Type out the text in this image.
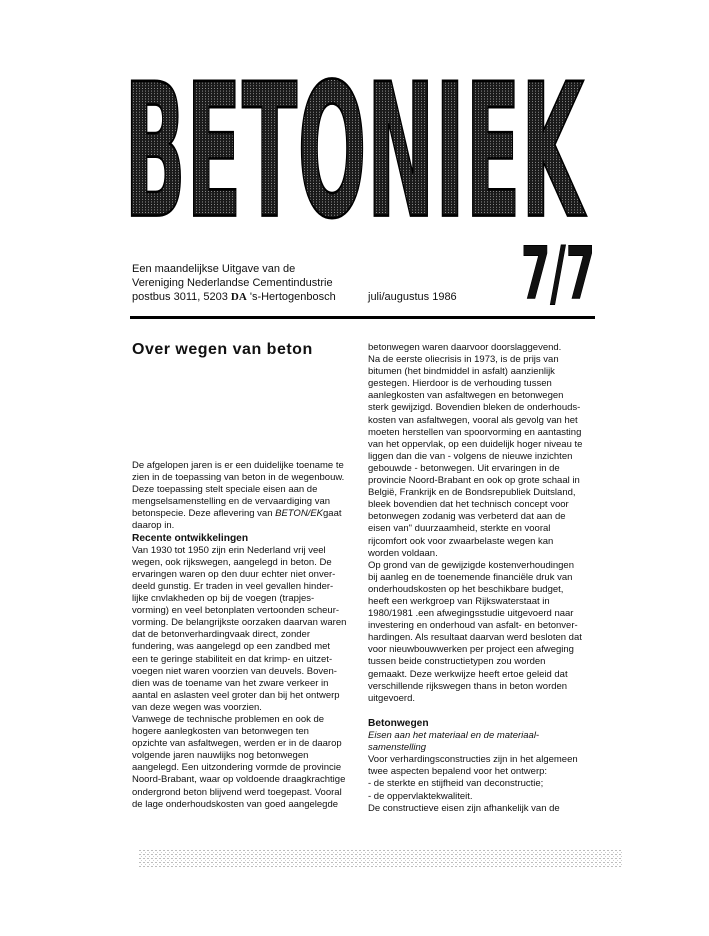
BETONIEK
7/7
Een maandelijkse Uitgave van de
Vereniging Nederlandse Cementindustrie
postbus 3011, 5203 DA 's-Hertogenbosch	juli/augustus 1986
Over wegen van beton
De afgelopen jaren is er een duidelijke toename te
zien in de toepassing van beton in de wegenbouw.
Deze toepassing stelt speciale eisen aan de
mengselsamenstelling en de vervaardiging van
betonspecie. Deze aflevering van BETON/EKgaat
daarop in.
Recente ontwikkelingen
Van 1930 tot 1950 zijn erin Nederland vrij veel
wegen, ook rijkswegen, aangelegd in beton. De
ervaringen waren op den duur echter niet onver-
deeld gunstig. Er traden in veel gevallen hinder-
lijke cnvlakheden op bij de voegen (trapjes-
vorming) en veel betonplaten vertoonden scheur-
vorming. De belangrijkste oorzaken daarvan waren
dat de betonverhardingvaak direct, zonder
fundering, was aangelegd op een zandbed met
een te geringe stabiliteit en dat krimp- en uitzet-
voegen niet waren voorzien van deuvels. Boven-
dien was de toename van het zware verkeer in
aantal en aslasten veel groter dan bij het ontwerp
van deze wegen was voorzien.
Vanwege de technische problemen en ook de
hogere aanlegkosten van betonwegen ten
opzichte van asfaltwegen, werden er in de daarop
volgende jaren nauwlijks nog betonwegen
aangelegd. Een uitzondering vormde de provincie
Noord-Brabant, waar op voldoende draagkrachtige
ondergrond beton blijvend werd toegepast. Vooral
de lage onderhoudskosten van goed aangelegde
betonwegen waren daarvoor doorslaggevend.
Na de eerste oliecrisis in 1973, is de prijs van
bitumen (het bindmiddel in asfalt) aanzienlijk
gestegen. Hierdoor is de verhouding tussen
aanlegkosten van asfaltwegen en betonwegen
sterk gewijzigd. Bovendien bleken de onderhouds-
kosten van asfaltwegen, vooral als gevolg van het
moeten herstellen van spoorvorming en aantasting
van het oppervlak, op een duidelijk hoger niveau te
liggen dan die van - volgens de nieuwe inzichten
gebouwde - betonwegen. Uit ervaringen in de
provincie Noord-Brabant en ook op grote schaal in
België, Frankrijk en de Bondsrepubliek Duitsland,
bleek bovendien dat het technisch concept voor
betonwegen zodanig was verbeterd dat aan de
eisen van" duurzaamheid, sterkte en vooral
rijcomfort ook voor zwaarbelaste wegen kan
worden voldaan.
Op grond van de gewijzigde kostenverhoudingen
bij aanleg en de toenemende financiële druk van
onderhoudskosten op het beschikbare budget,
heeft een werkgroep van Rijkswaterstaat in
1980/1981 .een afwegingsstudie uitgevoerd naar
investering en onderhoud van asfalt- en betonver-
hardingen. Als resultaat daarvan werd besloten dat
voor nieuwbouwwerken per project een afweging
tussen beide constructietypen zou worden
gemaakt. Deze werkwijze heeft ertoe geleid dat
verschillende rijkswegen thans in beton worden
uitgevoerd.
Betonwegen
Eisen aan het materiaal en de materiaal-
samenstelling
Voor verhardingsconstructies zijn in het algemeen
twee aspecten bepalend voor het ontwerp:
- de sterkte en stijfheid van deconstructie;
- de oppervlaktekwaliteit.
De constructieve eisen zijn afhankelijk van de
